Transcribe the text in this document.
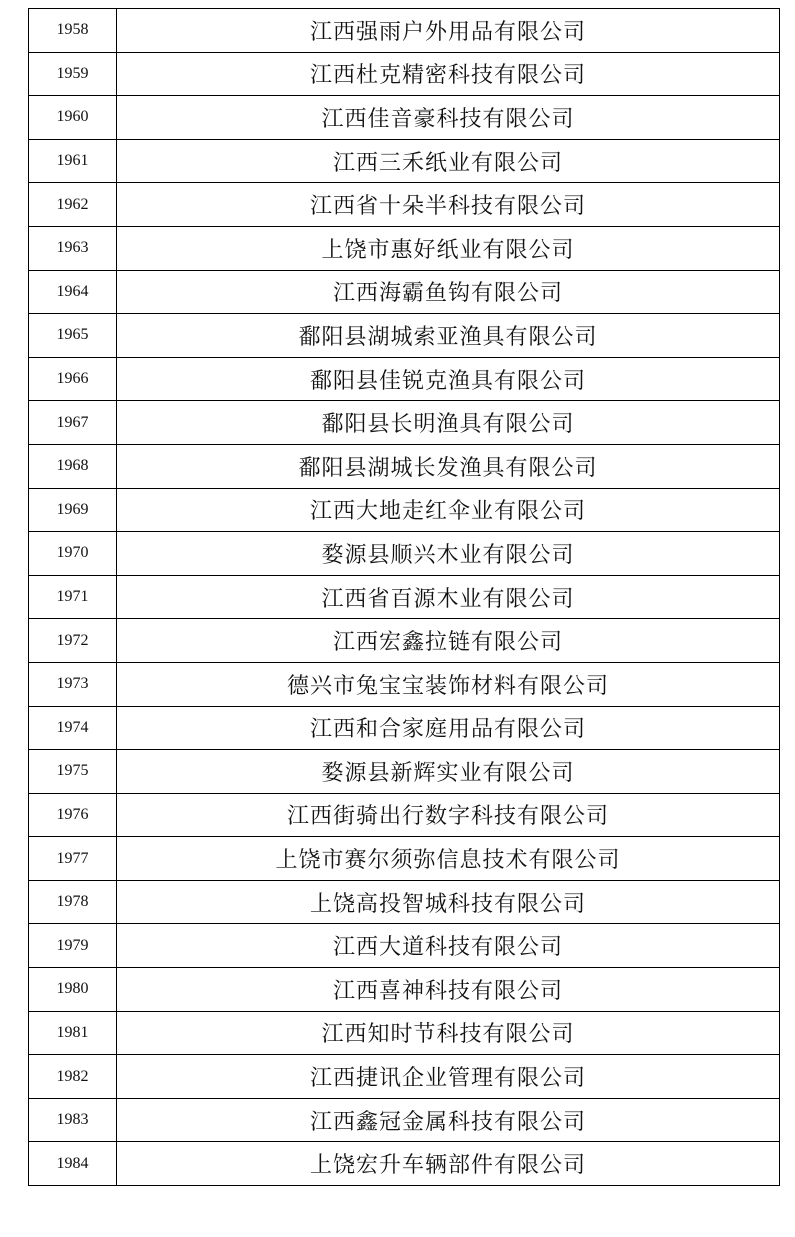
1958	江西强雨户外用品有限公司
1959	江西杜克精密科技有限公司
1960	江西佳音豪科技有限公司
1961	江西三禾纸业有限公司
1962	江西省十朵半科技有限公司
1963	上饶市惠好纸业有限公司
1964	江西海霸鱼钩有限公司
1965	鄱阳县湖城索亚渔具有限公司
1966	鄱阳县佳锐克渔具有限公司
1967	鄱阳县长明渔具有限公司
1968	鄱阳县湖城长发渔具有限公司
1969	江西大地走红伞业有限公司
1970	婺源县顺兴木业有限公司
1971	江西省百源木业有限公司
1972	江西宏鑫拉链有限公司
1973	德兴市兔宝宝装饰材料有限公司
1974	江西和合家庭用品有限公司
1975	婺源县新辉实业有限公司
1976	江西街骑出行数字科技有限公司
1977	上饶市赛尔须弥信息技术有限公司
1978	上饶高投智城科技有限公司
1979	江西大道科技有限公司
1980	江西喜神科技有限公司
1981	江西知时节科技有限公司
1982	江西捷讯企业管理有限公司
1983	江西鑫冠金属科技有限公司
1984	上饶宏升车辆部件有限公司
